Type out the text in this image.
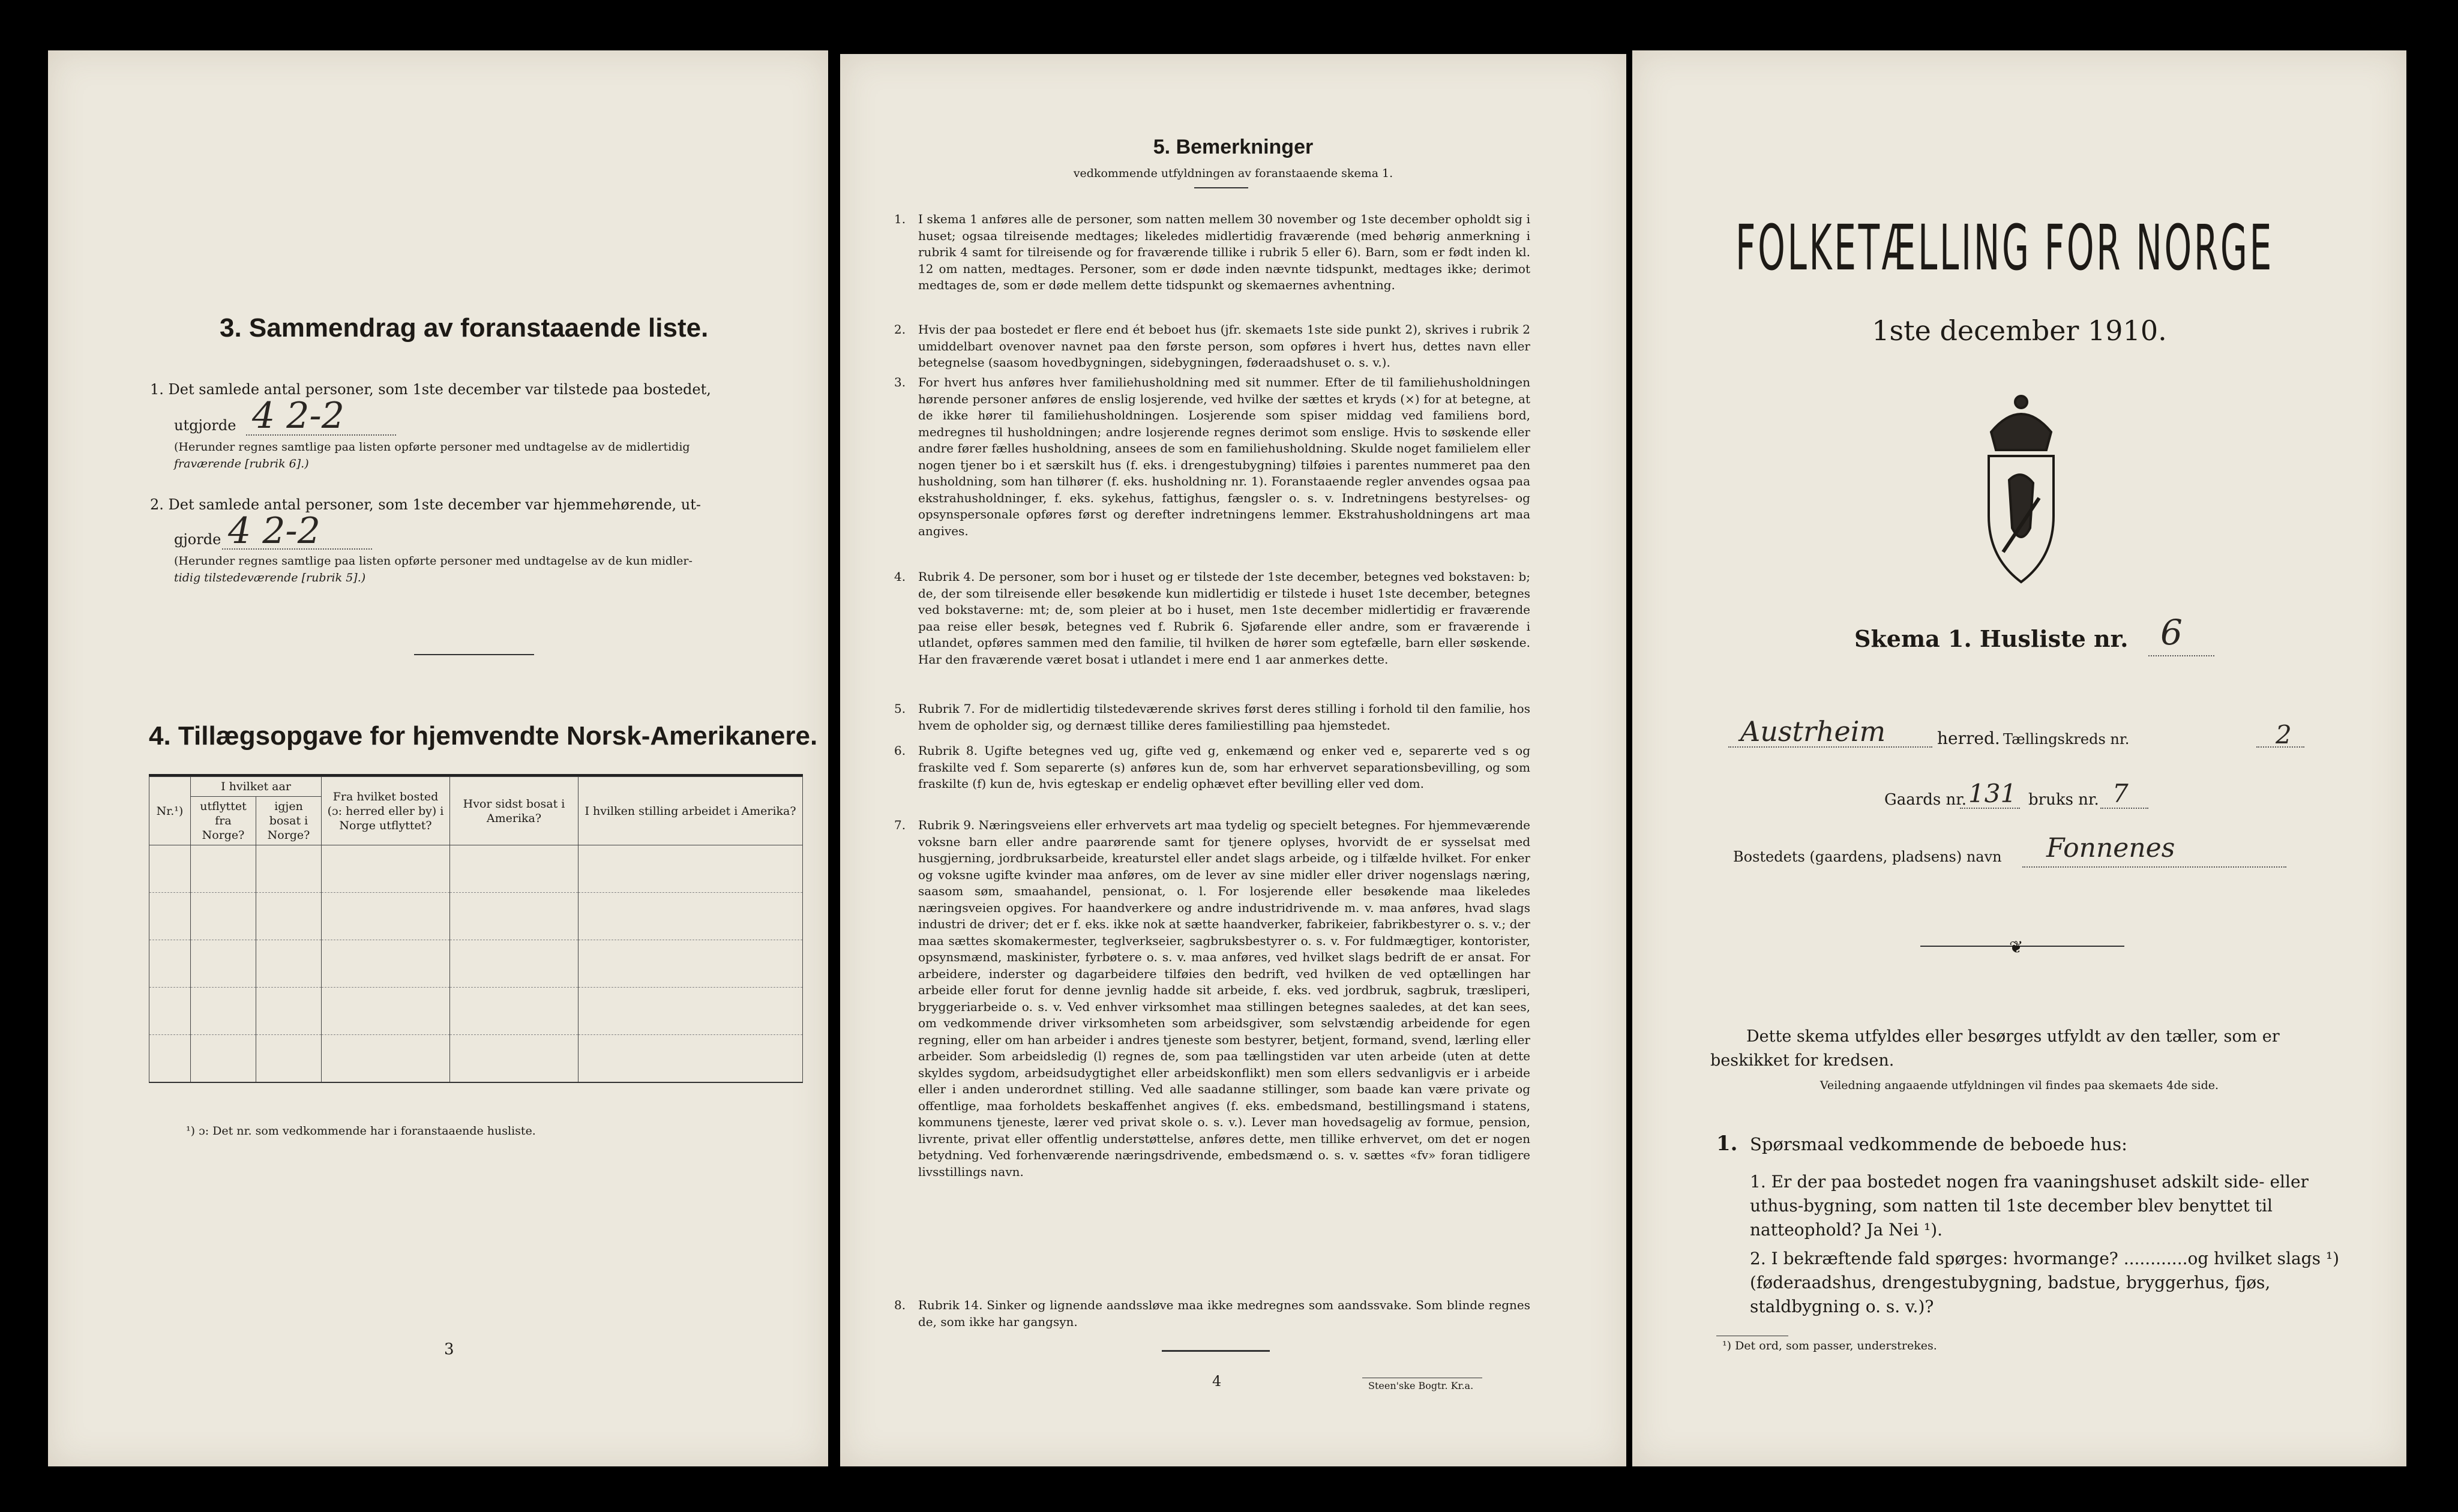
3. Sammendrag av foranstaaende liste.
1. Det samlede antal personer, som 1ste december var tilstede paa bostedet,
utgjorde 4 2-2
(Herunder regnes samtlige paa listen opførte personer med undtagelse av de midlertidig
fraværende [rubrik 6].)
2. Det samlede antal personer, som 1ste december var hjemmehørende, ut-
gjorde 4 2-2
(Herunder regnes samtlige paa listen opførte personer med undtagelse av de kun midler-
tidig tilstedeværende [rubrik 5].)
4. Tillægsopgave for hjemvendte Norsk-Amerikanere.
Nr.¹)	I hvilket aar		Fra hvilket bosted (ɔ: herred eller by) i Norge utflyttet?	Hvor sidst bosat i Amerika?	I hvilken stilling arbeidet i Amerika?
	utflyttet fra Norge?	igjen bosat i Norge?			

¹) ɔ: Det nr. som vedkommende har i foranstaaende husliste.
3
5. Bemerkninger
vedkommende utfyldningen av foranstaaende skema 1.
1. I skema 1 anføres alle de personer, som natten mellem 30 november og 1ste december opholdt sig i huset; ogsaa tilreisende medtages; likeledes midlertidig fraværende (med behørig anmerkning i rubrik 4 samt for tilreisende og for fraværende tillike i rubrik 5 eller 6). Barn, som er født inden kl. 12 om natten, medtages. Personer, som er døde inden nævnte tidspunkt, medtages ikke; derimot medtages de, som er døde mellem dette tidspunkt og skemaernes avhentning.
2. Hvis der paa bostedet er flere end ét beboet hus (jfr. skemaets 1ste side punkt 2), skrives i rubrik 2 umiddelbart ovenover navnet paa den første person, som opføres i hvert hus, dettes navn eller betegnelse (saasom hovedbygningen, sidebygningen, føderaadshuset o. s. v.).
3. For hvert hus anføres hver familiehusholdning med sit nummer. Efter de til familiehusholdningen hørende personer anføres de enslig losjerende, ved hvilke der sættes et kryds (×) for at betegne, at de ikke hører til familiehusholdningen. Losjerende som spiser middag ved familiens bord, medregnes til husholdningen; andre losjerende regnes derimot som enslige. Hvis to søskende eller andre fører fælles husholdning, ansees de som en familiehusholdning. Skulde noget familielem eller nogen tjener bo i et særskilt hus (f. eks. i drengestubygning) tilføies i parentes nummeret paa den husholdning, som han tilhører (f. eks. husholdning nr. 1). Foranstaaende regler anvendes ogsaa paa ekstrahusholdninger, f. eks. sykehus, fattighus, fængsler o. s. v. Indretningens bestyrelses- og opsynspersonale opføres først og derefter indretningens lemmer. Ekstrahusholdningens art maa angives.
4. Rubrik 4. De personer, som bor i huset og er tilstede der 1ste december, betegnes ved bokstaven: b; de, der som tilreisende eller besøkende kun midlertidig er tilstede i huset 1ste december, betegnes ved bokstaverne: mt; de, som pleier at bo i huset, men 1ste december midlertidig er fraværende paa reise eller besøk, betegnes ved f. Rubrik 6. Sjøfarende eller andre, som er fraværende i utlandet, opføres sammen med den familie, til hvilken de hører som egtefælle, barn eller søskende. Har den fraværende været bosat i utlandet i mere end 1 aar anmerkes dette.
5. Rubrik 7. For de midlertidig tilstedeværende skrives først deres stilling i forhold til den familie, hos hvem de opholder sig, og dernæst tillike deres familiestilling paa hjemstedet.
6. Rubrik 8. Ugifte betegnes ved ug, gifte ved g, enkemænd og enker ved e, separerte ved s og fraskilte ved f. Som separerte (s) anføres kun de, som har erhvervet separationsbevilling, og som fraskilte (f) kun de, hvis egteskap er endelig ophævet efter bevilling eller ved dom.
7. Rubrik 9. Næringsveiens eller erhvervets art maa tydelig og specielt betegnes. For hjemmeværende voksne barn eller andre paarørende samt for tjenere oplyses, hvorvidt de er sysselsat med husgjerning, jordbruksarbeide, kreaturstel eller andet slags arbeide, og i tilfælde hvilket. For enker og voksne ugifte kvinder maa anføres, om de lever av sine midler eller driver nogenslags næring, saasom søm, smaahandel, pensionat, o. l. For losjerende eller besøkende maa likeledes næringsveien opgives. For haandverkere og andre industridrivende m. v. maa anføres, hvad slags industri de driver; det er f. eks. ikke nok at sætte haandverker, fabrikeier, fabrikbestyrer o. s. v.; der maa sættes skomakermester, teglverkseier, sagbruksbestyrer o. s. v. For fuldmægtiger, kontorister, opsynsmænd, maskinister, fyrbøtere o. s. v. maa anføres, ved hvilket slags bedrift de er ansat. For arbeidere, inderster og dagarbeidere tilføies den bedrift, ved hvilken de ved optællingen har arbeide eller forut for denne jevnlig hadde sit arbeide, f. eks. ved jordbruk, sagbruk, træsliperi, bryggeriarbeide o. s. v. Ved enhver virksomhet maa stillingen betegnes saaledes, at det kan sees, om vedkommende driver virksomheten som arbeidsgiver, som selvstændig arbeidende for egen regning, eller om han arbeider i andres tjeneste som bestyrer, betjent, formand, svend, lærling eller arbeider. Som arbeidsledig (l) regnes de, som paa tællingstiden var uten arbeide (uten at dette skyldes sygdom, arbeidsudygtighet eller arbeidskonflikt) men som ellers sedvanligvis er i arbeide eller i anden underordnet stilling. Ved alle saadanne stillinger, som baade kan være private og offentlige, maa forholdets beskaffenhet angives (f. eks. embedsmand, bestillingsmand i statens, kommunens tjeneste, lærer ved privat skole o. s. v.). Lever man hovedsagelig av formue, pension, livrente, privat eller offentlig understøttelse, anføres dette, men tillike erhvervet, om det er nogen betydning. Ved forhenværende næringsdrivende, embedsmænd o. s. v. sættes «fv» foran tidligere livsstillings navn.
8. Rubrik 14. Sinker og lignende aandssløve maa ikke medregnes som aandssvake. Som blinde regnes de, som ikke har gangsyn.
4	Steen'ske Bogtr. Kr.a.
FOLKETÆLLING FOR NORGE
1ste december 1910.
Skema 1. Husliste nr. 6
Austrheim	herred. Tællingskreds nr.	2
Gaards nr. 131 bruks nr. 7
Bostedets (gaardens, pladsens) navn Fonnenes
❦
Dette skema utfyldes eller besørges utfyldt av den tæller, som er beskikket for kredsen.
Veiledning angaaende utfyldningen vil findes paa skemaets 4de side.
1. Spørsmaal vedkommende de beboede hus:
1. Er der paa bostedet nogen fra vaaningshuset adskilt side- eller uthus-bygning, som natten til 1ste december blev benyttet til natteophold? Ja Nei ¹).
2. I bekræftende fald spørges: hvormange? ............og hvilket slags ¹) (føderaadshus, drengestubygning, badstue, bryggerhus, fjøs, staldbygning o. s. v.)?
¹) Det ord, som passer, understrekes.
